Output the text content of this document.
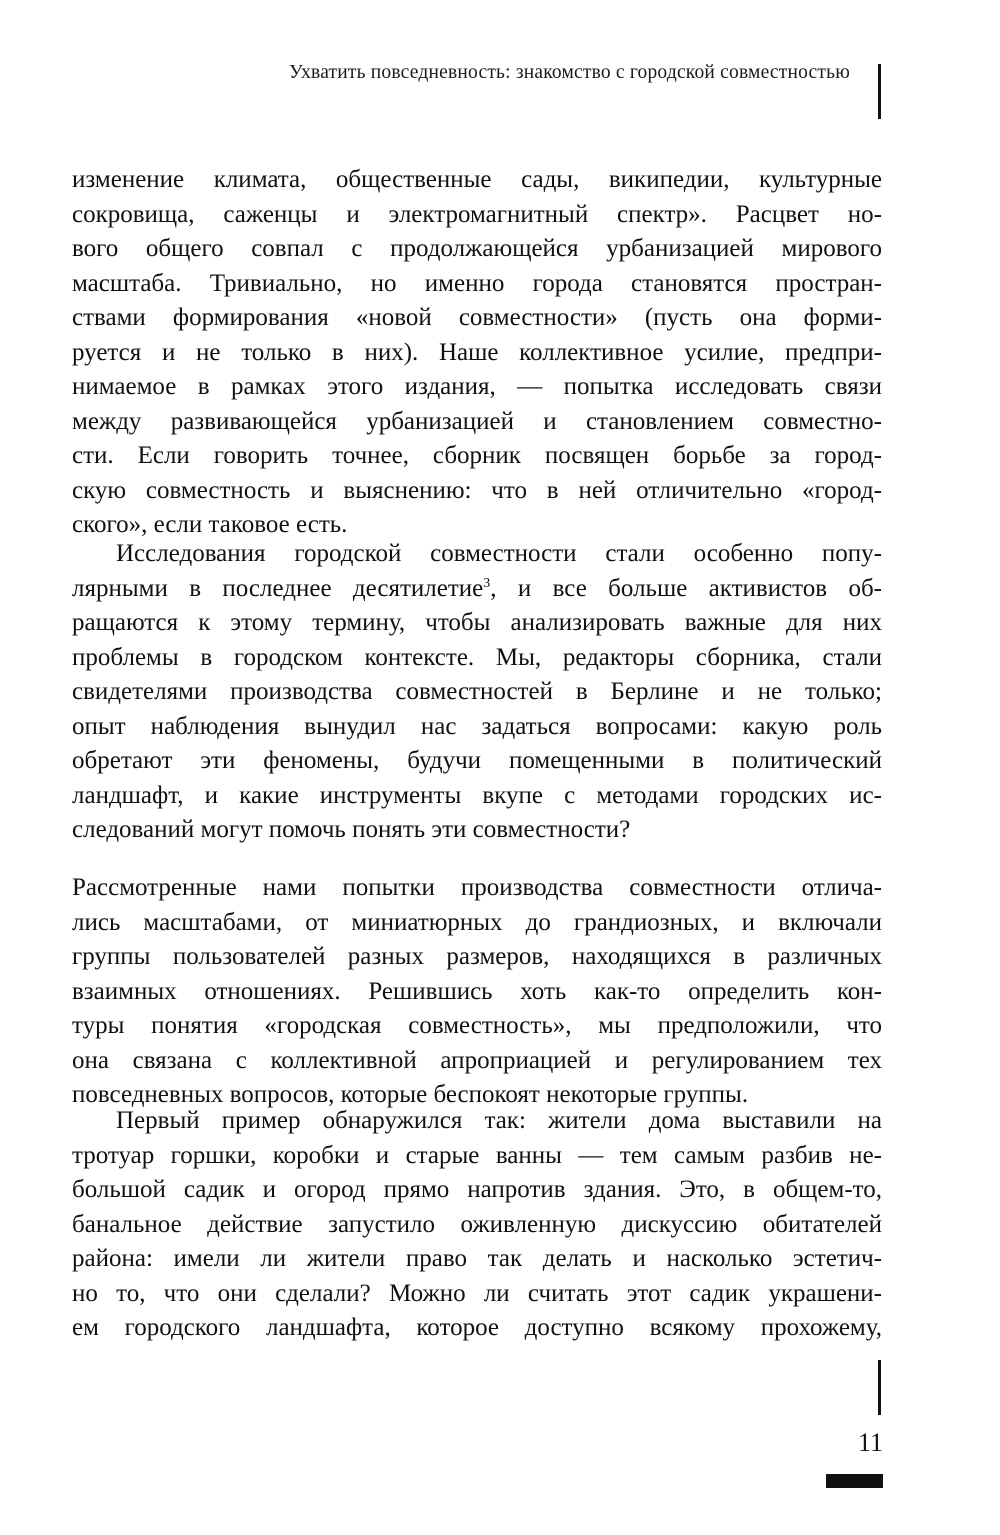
Ухватить повседневность: знакомство с городской совместностью
изменение климата, общественные сады, википедии, культурные
сокровища, саженцы и электромагнитный спектр». Расцвет но-
вого общего совпал с продолжающейся урбанизацией мирового
масштаба. Тривиально, но именно города становятся простран-
ствами формирования «новой совместности» (пусть она форми-
руется и не только в них). Наше коллективное усилие, предпри-
нимаемое в рамках этого издания, — попытка исследовать связи
между развивающейся урбанизацией и становлением совместно-
сти. Если говорить точнее, сборник посвящен борьбе за город-
скую совместность и выяснению: что в ней отличительно «город-
ского», если таковое есть.
Исследования городской совместности стали особенно попу-
лярными в последнее десятилетие$^3$, и все больше активистов об-
ращаются к этому термину, чтобы анализировать важные для них
проблемы в городском контексте. Мы, редакторы сборника, стали
свидетелями производства совместностей в Берлине и не только;
опыт наблюдения вынудил нас задаться вопросами: какую роль
обретают эти феномены, будучи помещенными в политический
ландшафт, и какие инструменты вкупе с методами городских ис-
следований могут помочь понять эти совместности?
Рассмотренные нами попытки производства совместности отлича-
лись масштабами, от миниатюрных до грандиозных, и включали
группы пользователей разных размеров, находящихся в различных
взаимных отношениях. Решившись хоть как-то определить кон-
туры понятия «городская совместность», мы предположили, что
она связана с коллективной апроприацией и регулированием тех
повседневных вопросов, которые беспокоят некоторые группы.
Первый пример обнаружился так: жители дома выставили на
тротуар горшки, коробки и старые ванны — тем самым разбив не-
большой садик и огород прямо напротив здания. Это, в общем-то,
банальное действие запустило оживленную дискуссию обитателей
района: имели ли жители право так делать и насколько эстетич-
но то, что они сделали? Можно ли считать этот садик украшени-
ем городского ландшафта, которое доступно всякому прохожему,
11
